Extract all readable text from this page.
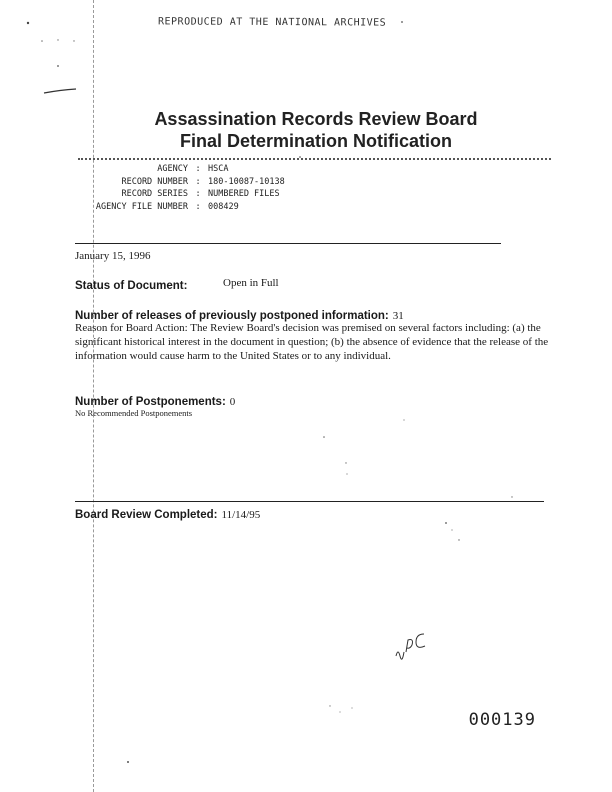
REPRODUCED AT THE NATIONAL ARCHIVES
Assassination Records Review Board
Final Determination Notification
AGENCY : HSCA
RECORD NUMBER : 180-10087-10138
RECORD SERIES : NUMBERED FILES
AGENCY FILE NUMBER : 008429
January 15, 1996
Status of Document:	Open in Full
Number of releases of previously postponed information: 31
Reason for Board Action: The Review Board's decision was premised on several factors including: (a) the significant historical interest in the document in question; (b) the absence of evidence that the release of the information would cause harm to the United States or to any individual.
Number of Postponements: 0
No Recommended Postponements
Board Review Completed: 11/14/95
000139
